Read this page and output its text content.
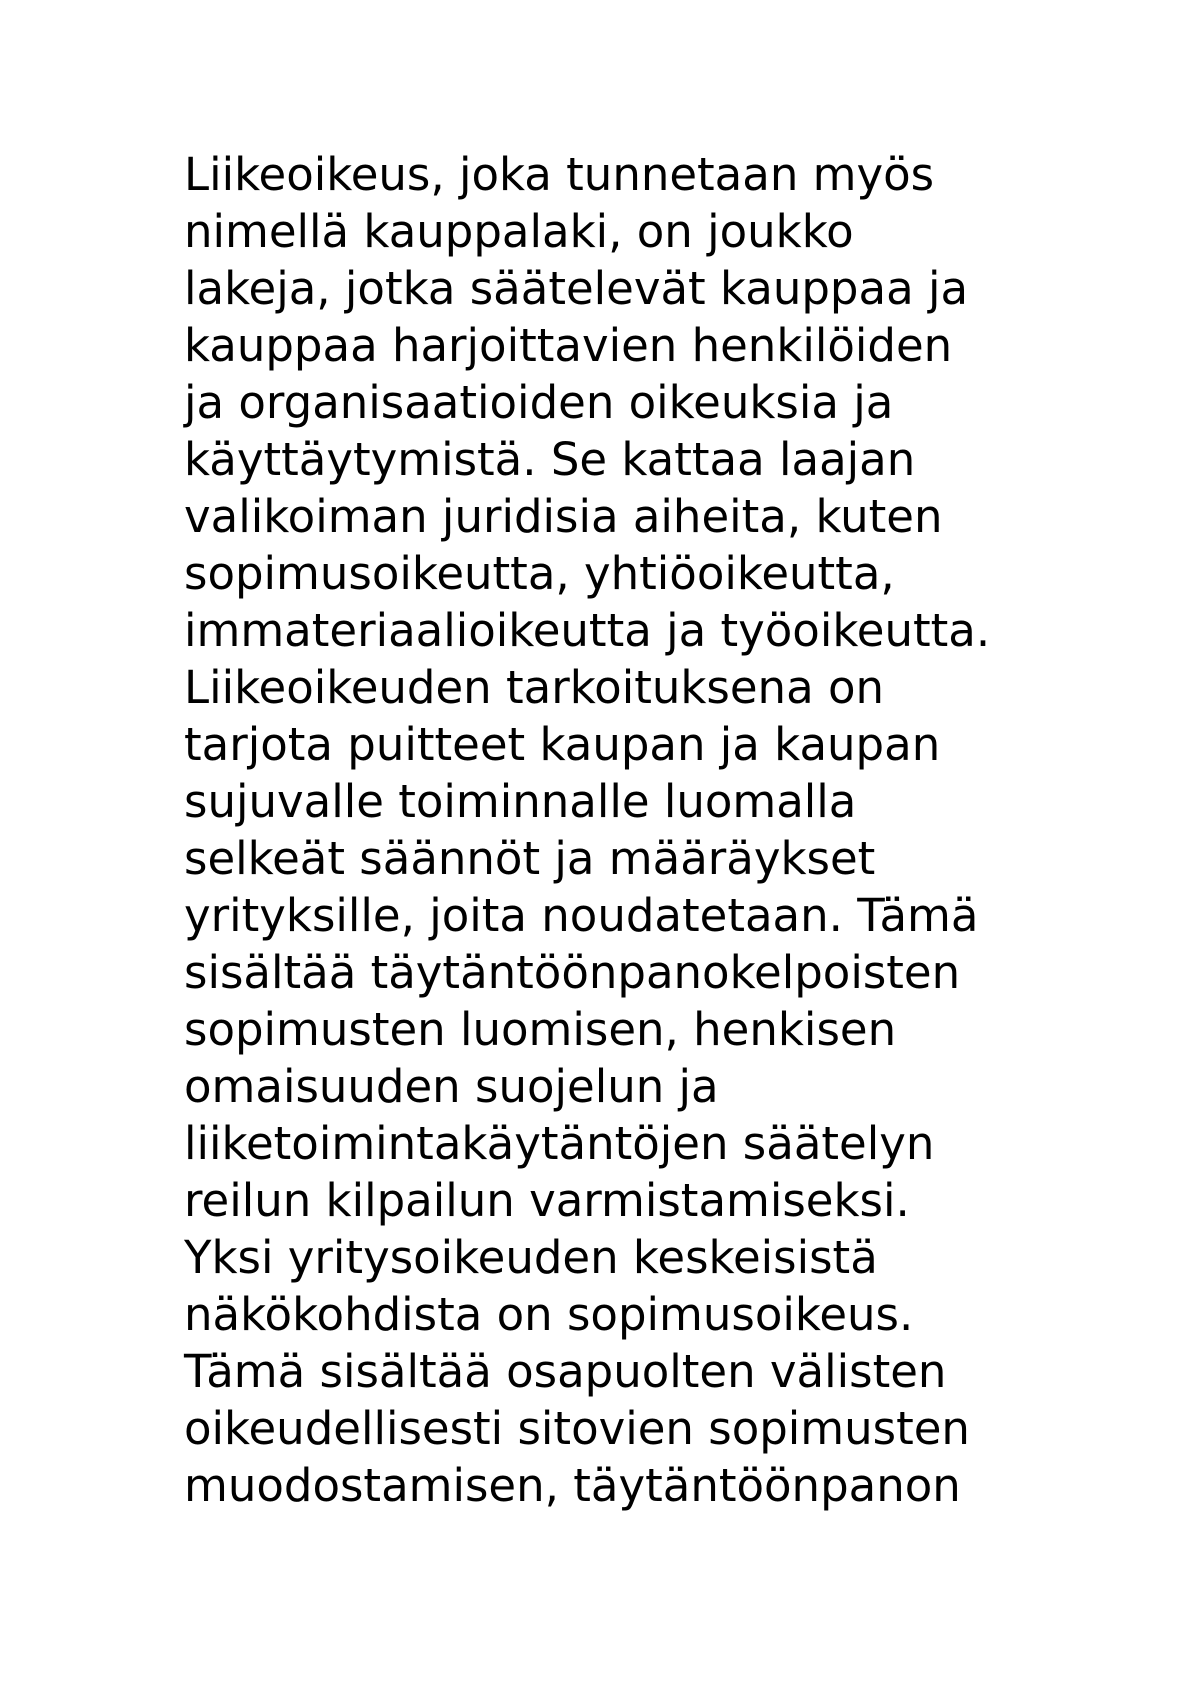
Liikeoikeus, joka tunnetaan myös
nimellä kauppalaki, on joukko
lakeja, jotka säätelevät kauppaa ja
kauppaa harjoittavien henkilöiden
ja organisaatioiden oikeuksia ja
käyttäytymistä. Se kattaa laajan
valikoiman juridisia aiheita, kuten
sopimusoikeutta, yhtiöoikeutta,
immateriaalioikeutta ja työoikeutta.
Liikeoikeuden tarkoituksena on
tarjota puitteet kaupan ja kaupan
sujuvalle toiminnalle luomalla
selkeät säännöt ja määräykset
yrityksille, joita noudatetaan. Tämä
sisältää täytäntöönpanokelpoisten
sopimusten luomisen, henkisen
omaisuuden suojelun ja
liiketoimintakäytäntöjen säätelyn
reilun kilpailun varmistamiseksi.
Yksi yritysoikeuden keskeisistä
näkökohdista on sopimusoikeus.
Tämä sisältää osapuolten välisten
oikeudellisesti sitovien sopimusten
muodostamisen, täytäntöönpanon
